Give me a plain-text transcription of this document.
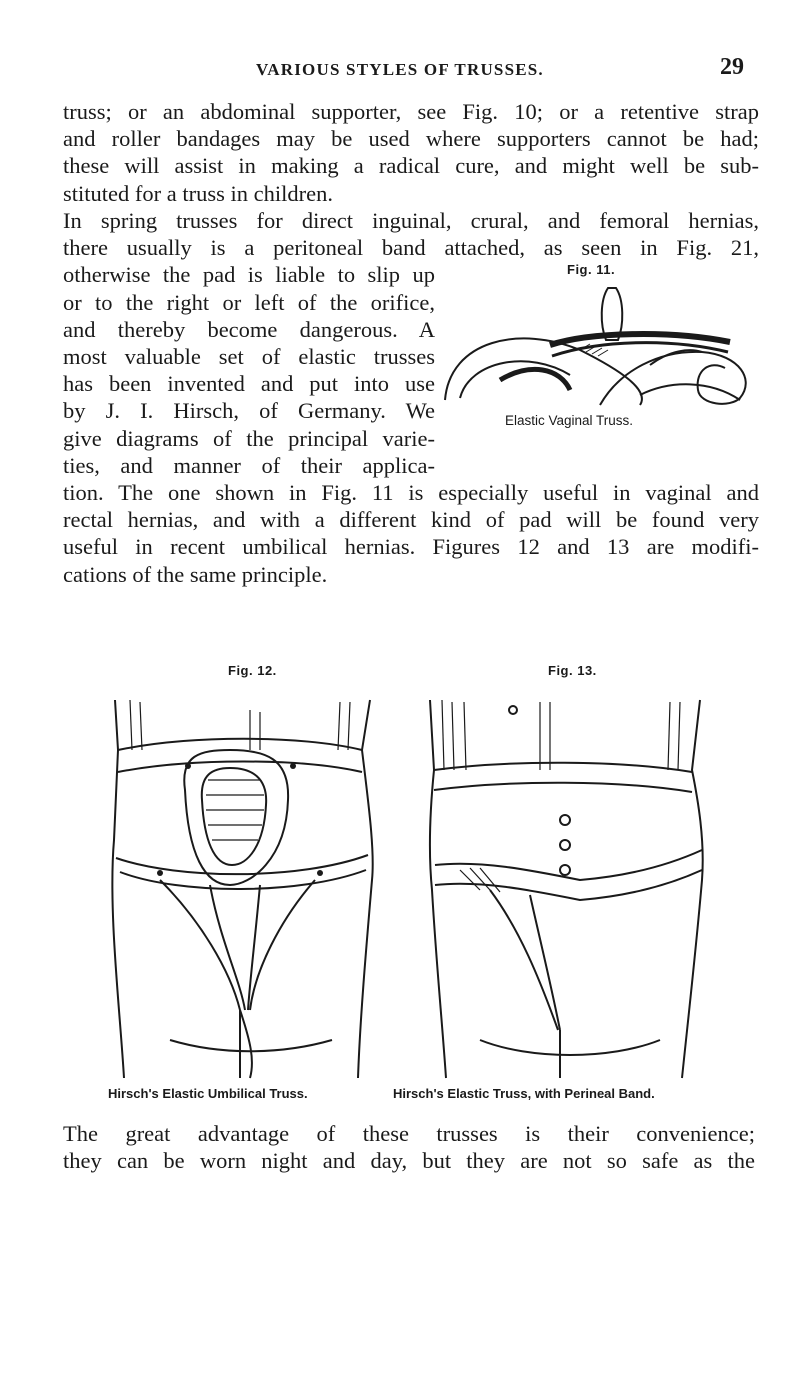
VARIOUS STYLES OF TRUSSES.	29
truss; or an abdominal supporter, see Fig. 10; or a retentive strap
and roller bandages may be used where supporters cannot be had;
these will assist in making a radical cure, and might well be sub-
stituted for a truss in children.
In spring trusses for direct inguinal, crural, and femoral hernias,
there usually is a peritoneal band attached, as seen in Fig. 21,
otherwise the pad is liable to slip up
or to the right or left of the orifice,
and thereby become dangerous. A
most valuable set of elastic trusses
has been invented and put into use
by J. I. Hirsch, of Germany. We
give diagrams of the principal varie-
ties, and manner of their applica-
tion. The one shown in Fig. 11 is especially useful in vaginal and
rectal hernias, and with a different kind of pad will be found very
useful in recent umbilical hernias. Figures 12 and 13 are modifi-
cations of the same principle.
Fig. 11.
Elastic Vaginal Truss.
Fig. 12.
Hirsch's Elastic Umbilical Truss.
Fig. 13.
Hirsch's Elastic Truss, with Perineal Band.
The great advantage of these trusses is their convenience;
they can be worn night and day, but they are not so safe as the
